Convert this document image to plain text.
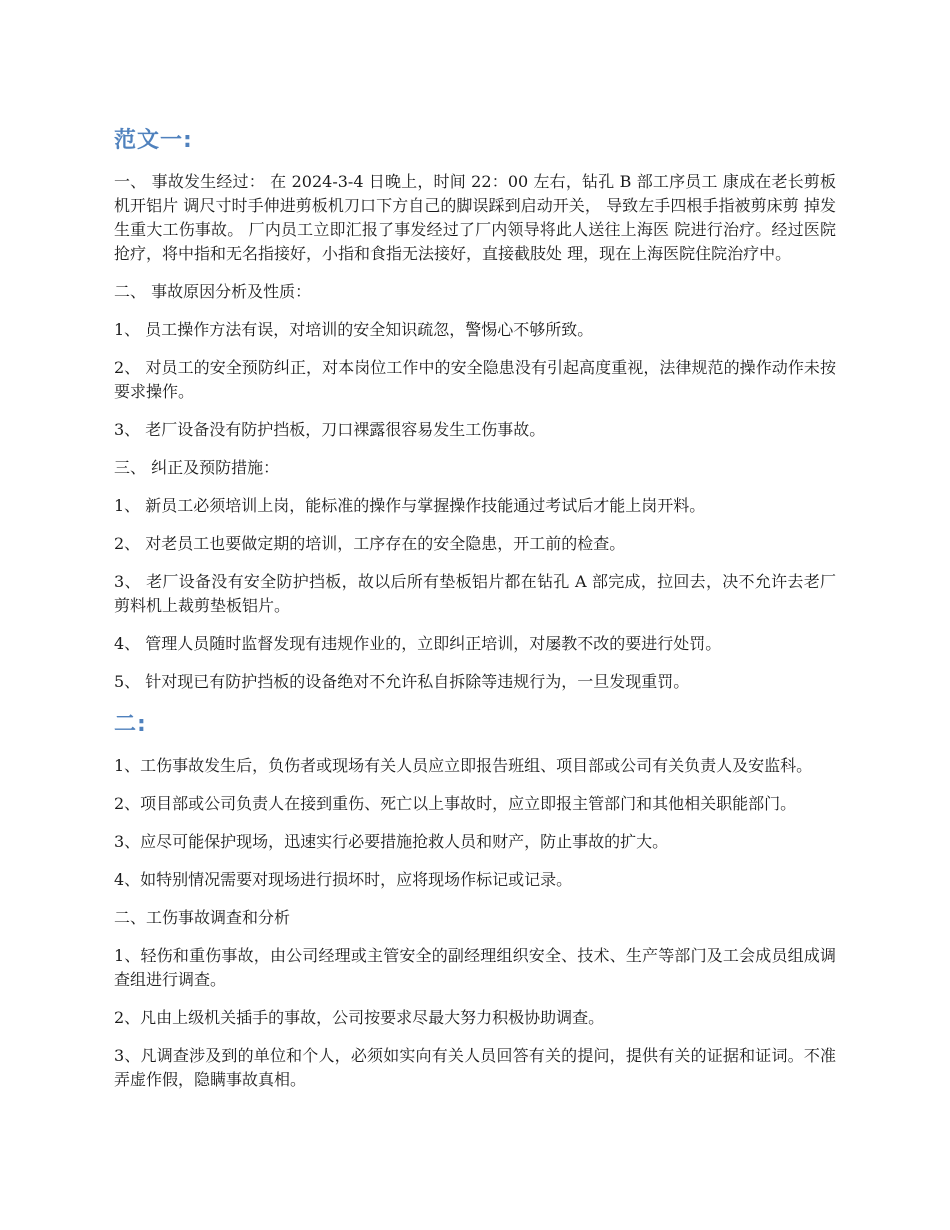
范文一:

一、 事故发生经过： 在 2024-3-4 日晚上，时间 22：00 左右，钻孔 B 部工序员工 康成在老长剪板机开铝片 调尺寸时手伸进剪板机刀口下方自己的脚误踩到启动开关， 导致左手四根手指被剪床剪 掉发生重大工伤事故。 厂内员工立即汇报了事发经过了厂内领导将此人送往上海医 院进行治疗。经过医院抢疗，将中指和无名指接好，小指和食指无法接好，直接截肢处 理，现在上海医院住院治疗中。

二、 事故原因分析及性质：

1、 员工操作方法有误，对培训的安全知识疏忽，警惕心不够所致。

2、 对员工的安全预防纠正，对本岗位工作中的安全隐患没有引起高度重视，法律规范的操作动作未按要求操作。

3、 老厂设备没有防护挡板，刀口裸露很容易发生工伤事故。

三、 纠正及预防措施：

1、 新员工必须培训上岗，能标准的操作与掌握操作技能通过考试后才能上岗开料。

2、 对老员工也要做定期的培训，工序存在的安全隐患，开工前的检查。

3、 老厂设备没有安全防护挡板，故以后所有垫板铝片都在钻孔 A 部完成，拉回去，决不允许去老厂剪料机上裁剪垫板铝片。

4、 管理人员随时监督发现有违规作业的，立即纠正培训，对屡教不改的要进行处罚。

5、 针对现已有防护挡板的设备绝对不允许私自拆除等违规行为，一旦发现重罚。

二:

1、工伤事故发生后，负伤者或现场有关人员应立即报告班组、项目部或公司有关负责人及安监科。

2、项目部或公司负责人在接到重伤、死亡以上事故时，应立即报主管部门和其他相关职能部门。

3、应尽可能保护现场，迅速实行必要措施抢救人员和财产，防止事故的扩大。

4、如特别情况需要对现场进行损坏时，应将现场作标记或记录。

二、工伤事故调查和分析

1、轻伤和重伤事故，由公司经理或主管安全的副经理组织安全、技术、生产等部门及工会成员组成调查组进行调查。

2、凡由上级机关插手的事故，公司按要求尽最大努力积极协助调查。

3、凡调查涉及到的单位和个人，必须如实向有关人员回答有关的提问，提供有关的证据和证词。不准弄虚作假，隐瞒事故真相。
